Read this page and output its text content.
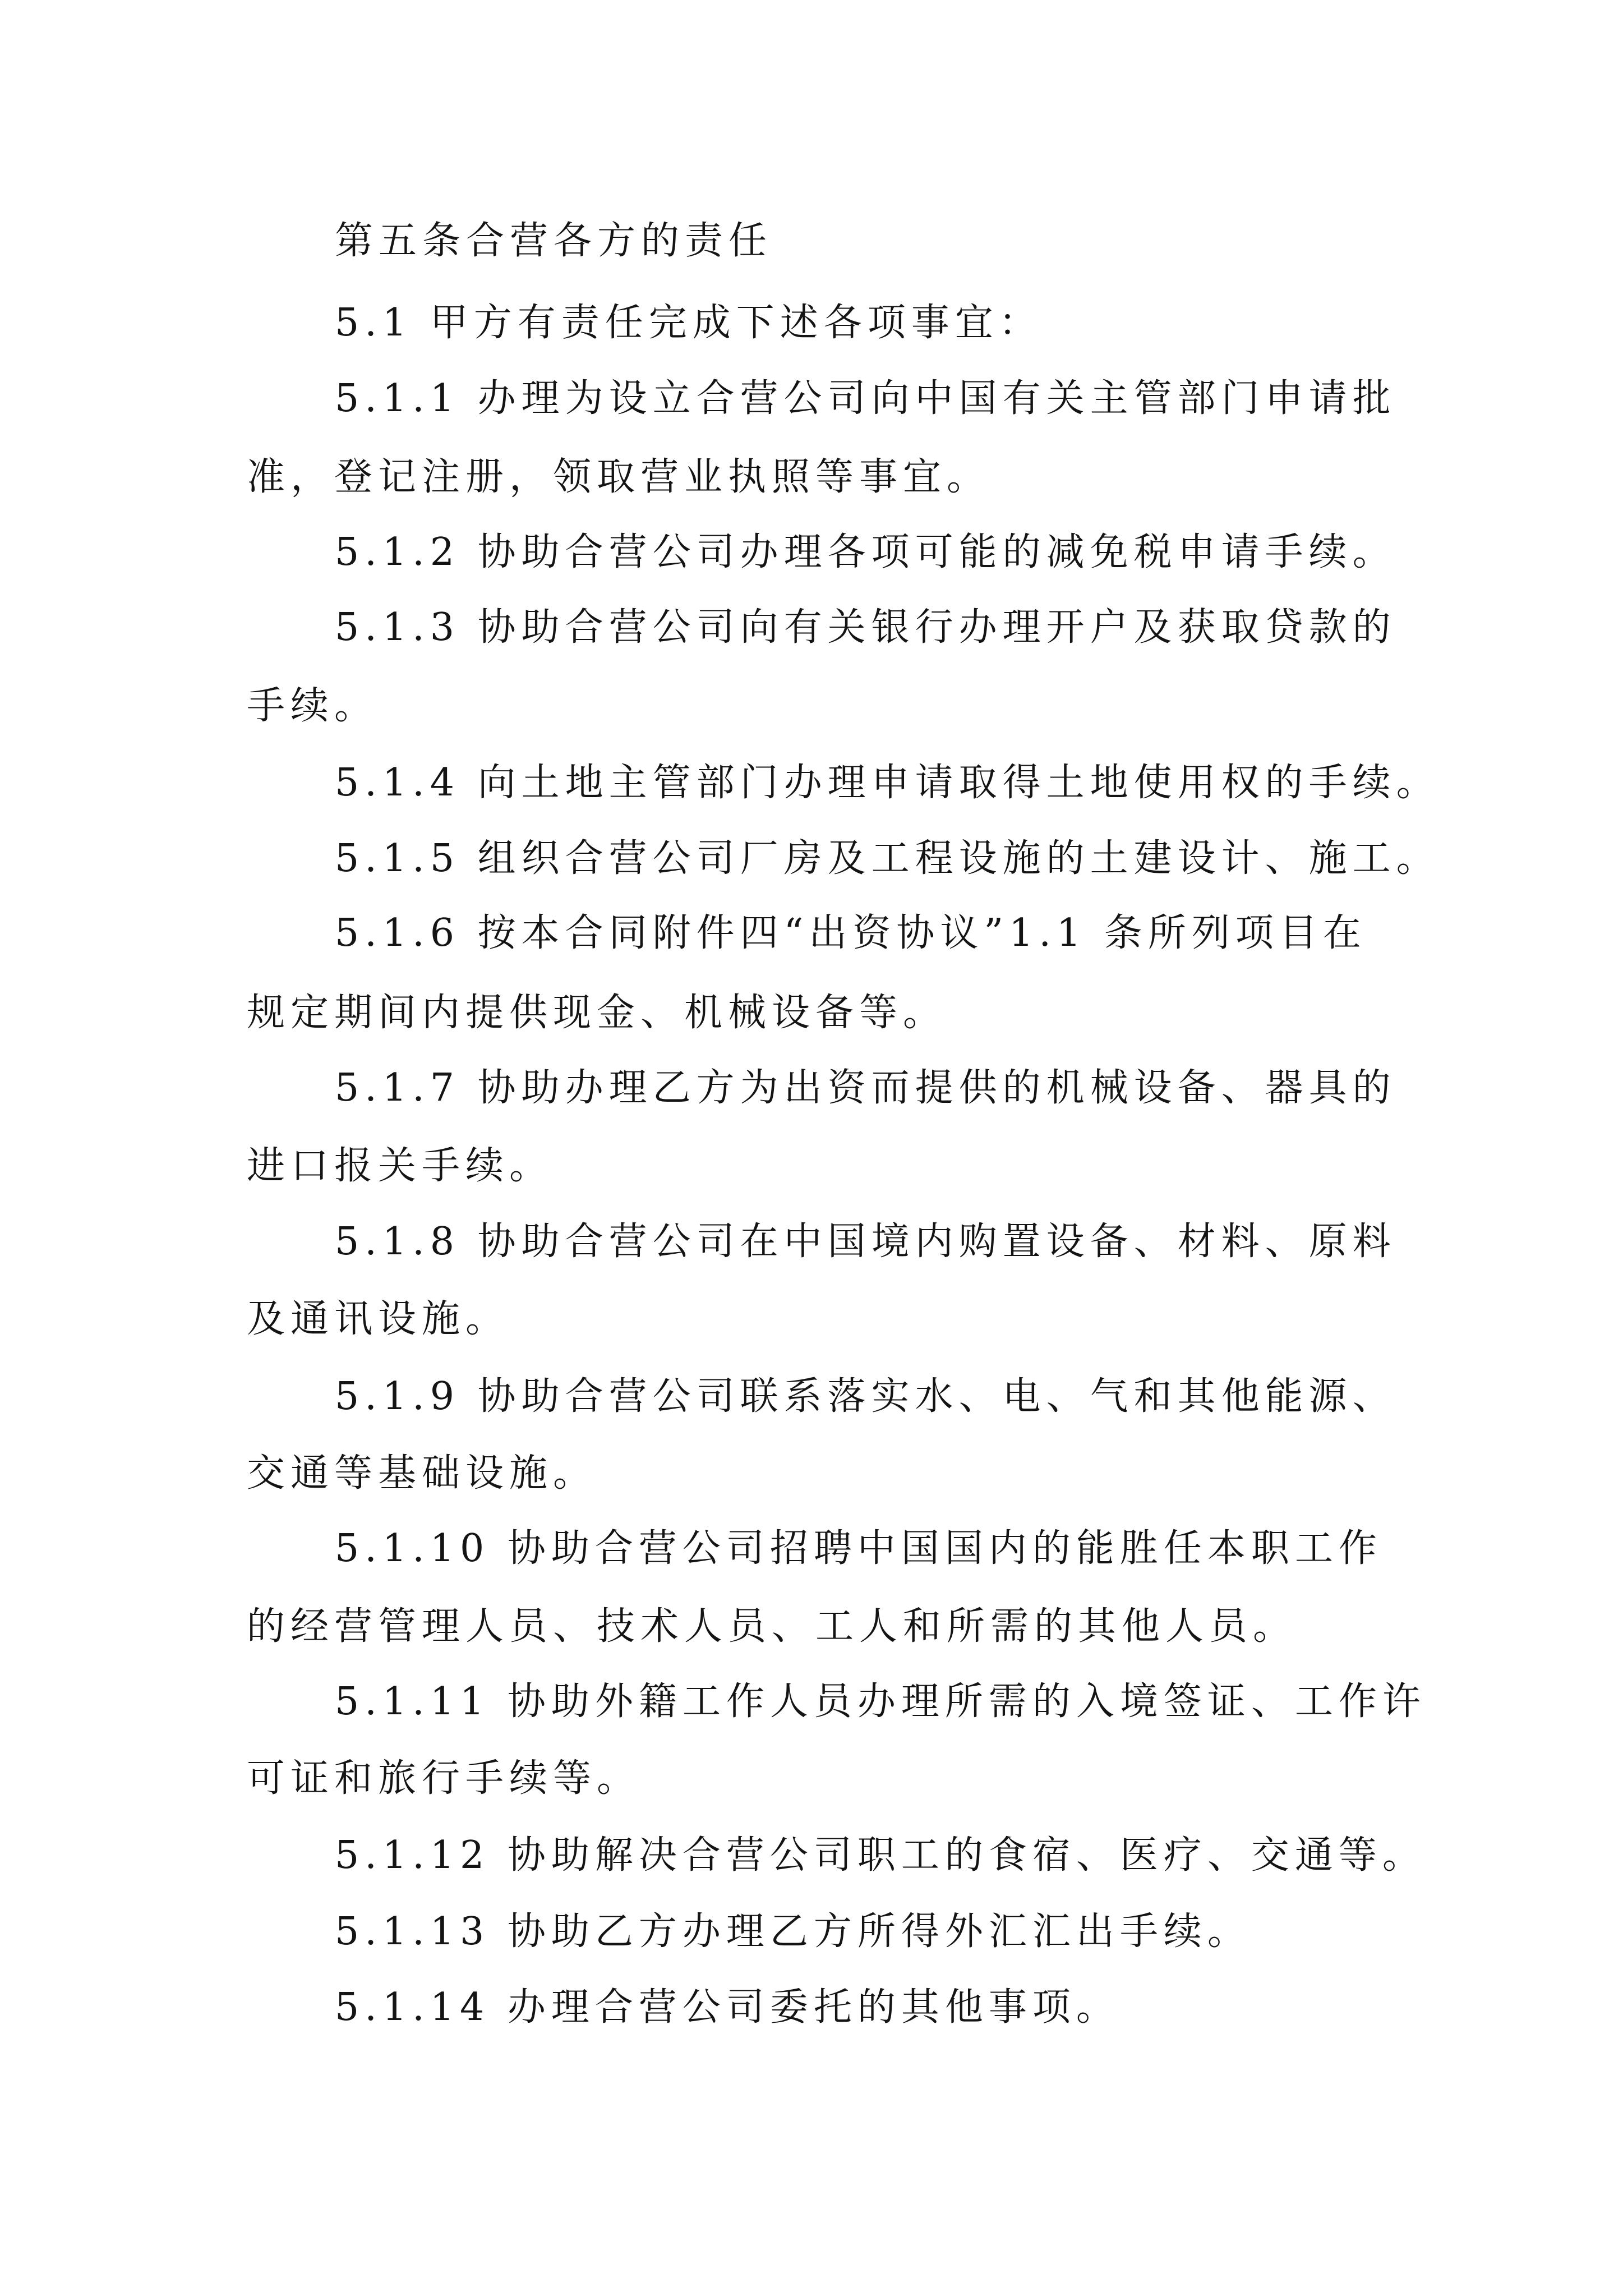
第五条合营各方的责任
5.1 甲方有责任完成下述各项事宜：
5.1.1 办理为设立合营公司向中国有关主管部门申请批
准，登记注册，领取营业执照等事宜。
5.1.2 协助合营公司办理各项可能的减免税申请手续。
5.1.3 协助合营公司向有关银行办理开户及获取贷款的
手续。
5.1.4 向土地主管部门办理申请取得土地使用权的手续。
5.1.5 组织合营公司厂房及工程设施的土建设计、施工。
5.1.6 按本合同附件四“出资协议”1.1 条所列项目在
规定期间内提供现金、机械设备等。
5.1.7 协助办理乙方为出资而提供的机械设备、器具的
进口报关手续。
5.1.8 协助合营公司在中国境内购置设备、材料、原料
及通讯设施。
5.1.9 协助合营公司联系落实水、电、气和其他能源、
交通等基础设施。
5.1.10 协助合营公司招聘中国国内的能胜任本职工作
的经营管理人员、技术人员、工人和所需的其他人员。
5.1.11 协助外籍工作人员办理所需的入境签证、工作许
可证和旅行手续等。
5.1.12 协助解决合营公司职工的食宿、医疗、交通等。
5.1.13 协助乙方办理乙方所得外汇汇出手续。
5.1.14 办理合营公司委托的其他事项。
